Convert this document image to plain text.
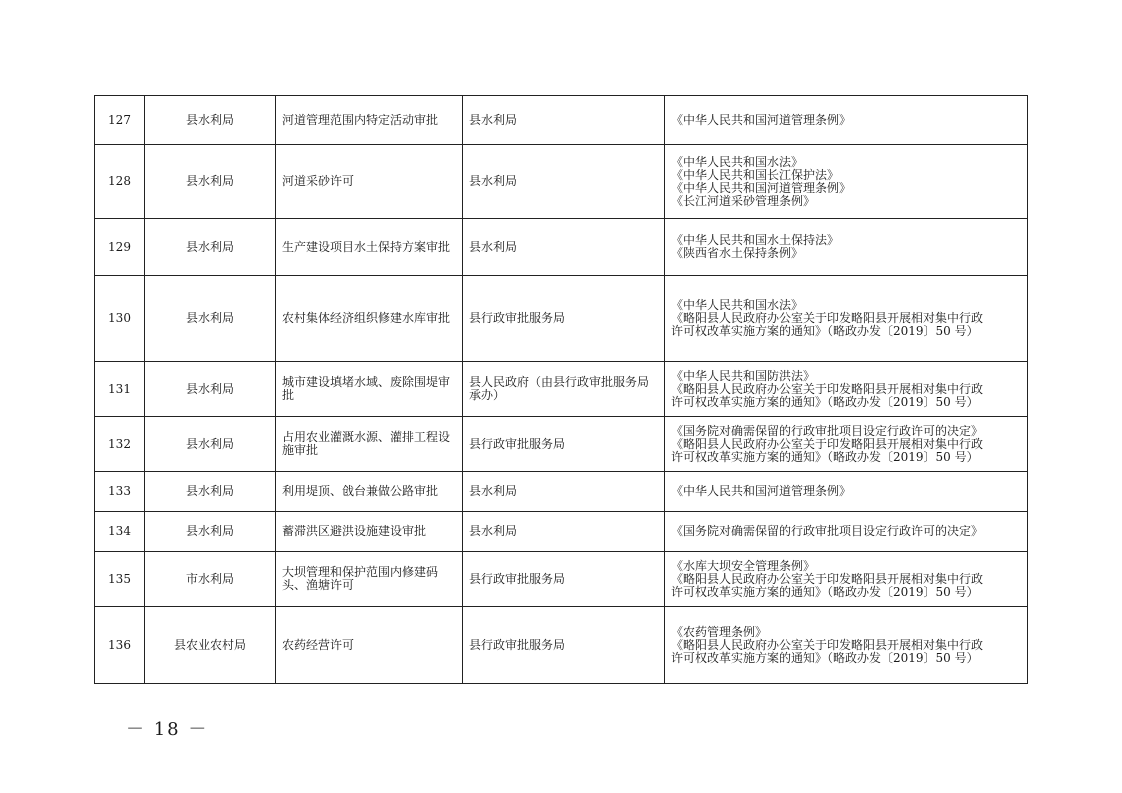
127	县水利局	河道管理范围内特定活动审批	县水利局	《中华人民共和国河道管理条例》

128	县水利局	河道采砂许可	县水利局	《中华人民共和国水法》
《中华人民共和国长江保护法》
《中华人民共和国河道管理条例》
《长江河道采砂管理条例》

129	县水利局	生产建设项目水土保持方案审批	县水利局	《中华人民共和国水土保持法》
《陕西省水土保持条例》

130	县水利局	农村集体经济组织修建水库审批	县行政审批服务局	《中华人民共和国水法》
《略阳县人民政府办公室关于印发略阳县开展相对集中行政
许可权改革实施方案的通知》（略政办发〔2019〕50 号）

131	县水利局	城市建设填堵水域、废除围堤审批	县人民政府（由县行政审批服务局承办）	《中华人民共和国防洪法》
《略阳县人民政府办公室关于印发略阳县开展相对集中行政
许可权改革实施方案的通知》（略政办发〔2019〕50 号）

132	县水利局	占用农业灌溉水源、灌排工程设施审批	县行政审批服务局	《国务院对确需保留的行政审批项目设定行政许可的决定》
《略阳县人民政府办公室关于印发略阳县开展相对集中行政
许可权改革实施方案的通知》（略政办发〔2019〕50 号）

133	县水利局	利用堤顶、戗台兼做公路审批	县水利局	《中华人民共和国河道管理条例》

134	县水利局	蓄滞洪区避洪设施建设审批	县水利局	《国务院对确需保留的行政审批项目设定行政许可的决定》

135	市水利局	大坝管理和保护范围内修建码头、渔塘许可	县行政审批服务局	《水库大坝安全管理条例》
《略阳县人民政府办公室关于印发略阳县开展相对集中行政
许可权改革实施方案的通知》（略政办发〔2019〕50 号）

136	县农业农村局	农药经营许可	县行政审批服务局	《农药管理条例》
《略阳县人民政府办公室关于印发略阳县开展相对集中行政
许可权改革实施方案的通知》（略政办发〔2019〕50 号）
－ 18 －
